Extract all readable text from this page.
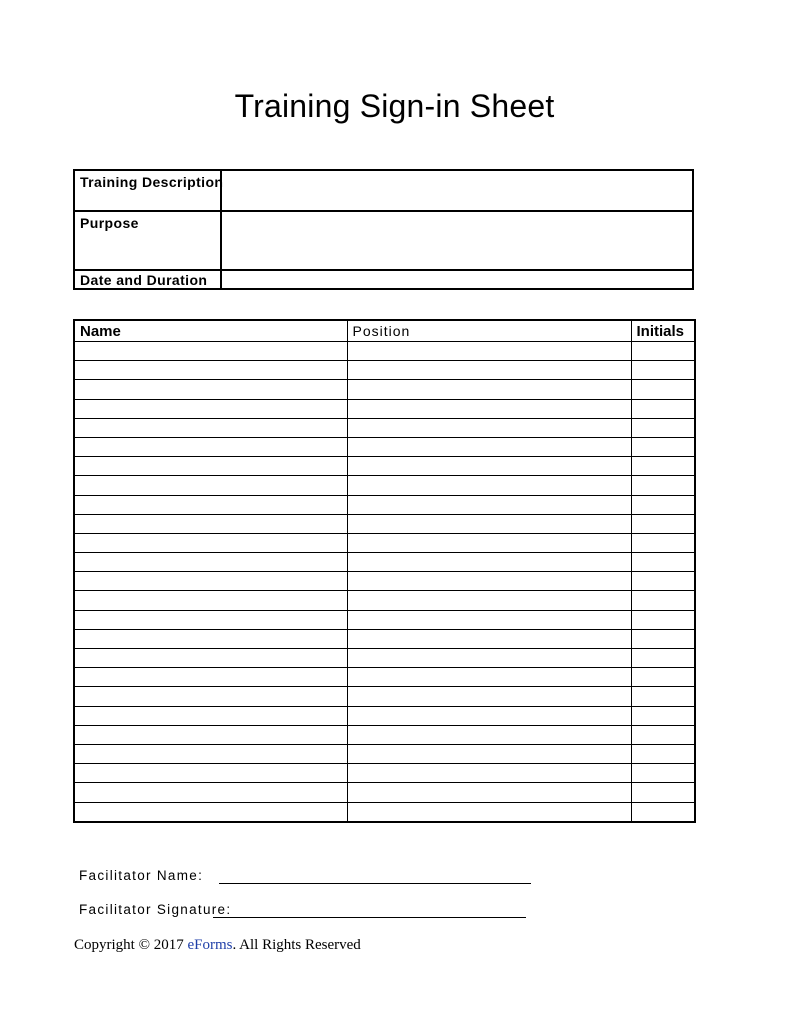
Training Sign-in Sheet
Training Description	
Purpose	
Date and Duration	
Name	Position	Initials

Facilitator Name:
Facilitator Signature:
Copyright © 2017 eForms. All Rights Reserved
